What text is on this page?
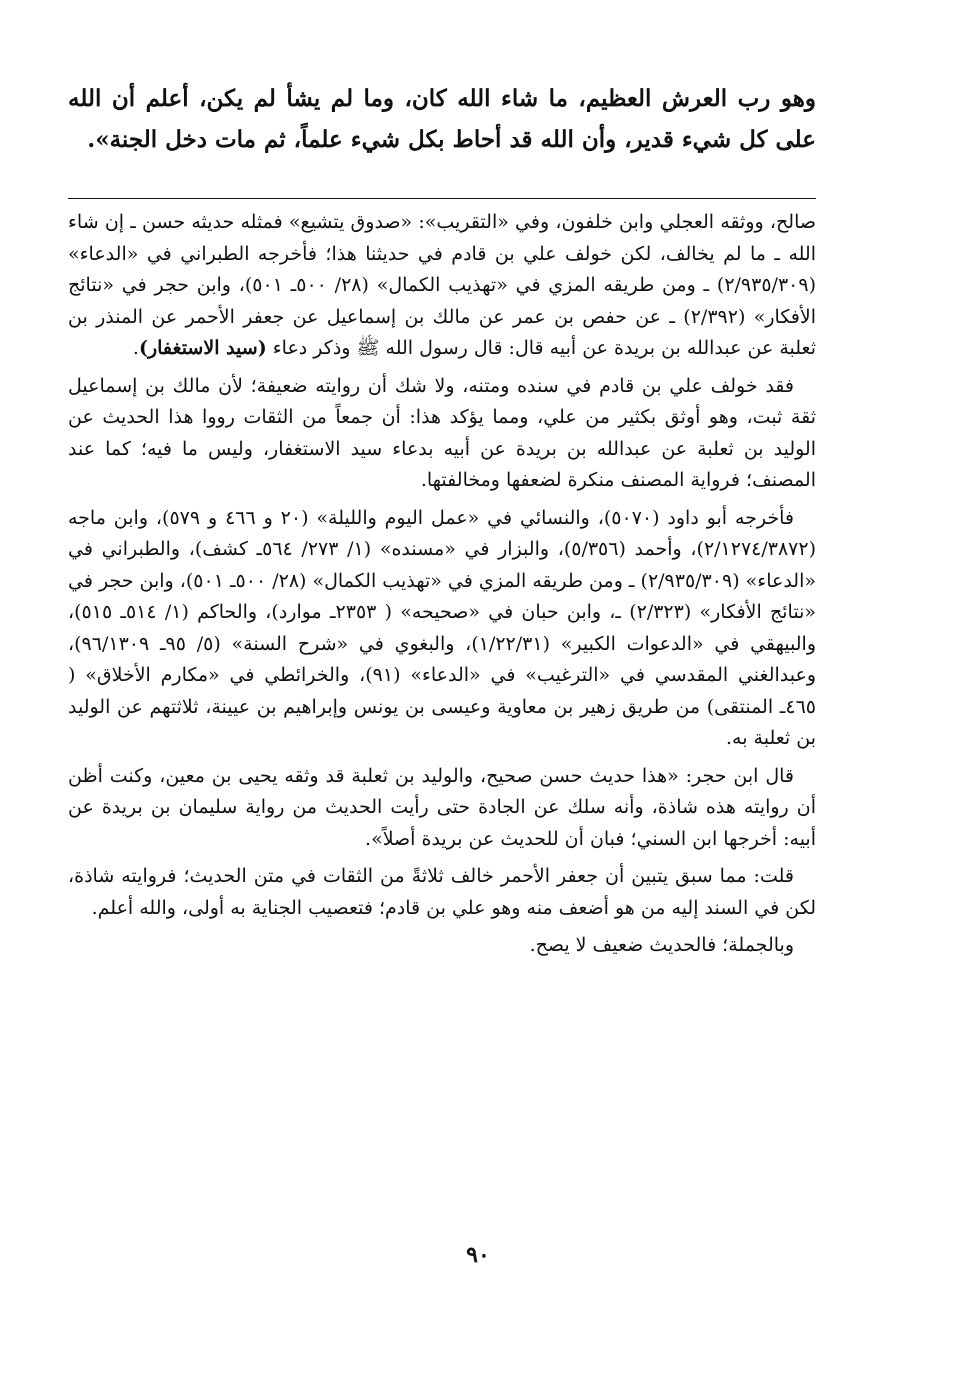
وهو رب العرش العظيم، ما شاء الله كان، وما لم يشأ لم يكن، أعلم أن الله على كل شيء قدير، وأن الله قد أحاط بكل شيء علماً، ثم مات دخل الجنة».

صالح، ووثقه العجلي وابن خلفون، وفي «التقريب»: «صدوق يتشيع» فمثله حديثه حسن ـ إن شاء الله ـ ما لم يخالف، لكن خولف علي بن قادم في حديثنا هذا؛ فأخرجه الطبراني في «الدعاء» (٢/٩٣٥/٣٠٩) ـ ومن طريقه المزي في «تهذيب الكمال» (٢٨/ ٥٠٠ـ ٥٠١)، وابن حجر في «نتائج الأفكار» (٢/٣٩٢) ـ عن حفص بن عمر عن مالك بن إسماعيل عن جعفر الأحمر عن المنذر بن ثعلبة عن عبدالله بن بريدة عن أبيه قال: قال رسول الله ﷺ وذكر دعاء (سيد الاستغفار).

فقد خولف علي بن قادم في سنده ومتنه، ولا شك أن روايته ضعيفة؛ لأن مالك بن إسماعيل ثقة ثبت، وهو أوثق بكثير من علي، ومما يؤكد هذا: أن جمعاً من الثقات رووا هذا الحديث عن الوليد بن ثعلبة عن عبدالله بن بريدة عن أبيه بدعاء سيد الاستغفار، وليس ما فيه؛ كما عند المصنف؛ فرواية المصنف منكرة لضعفها ومخالفتها.

فأخرجه أبو داود (٥٠٧٠)، والنسائي في «عمل اليوم والليلة» (٢٠ و ٤٦٦ و ٥٧٩)، وابن ماجه (٢/١٢٧٤/٣٨٧٢)، وأحمد (٥/٣٥٦)، والبزار في «مسنده» (١/ ٢٧٣/ ٥٦٤ـ كشف)، والطبراني في «الدعاء» (٢/٩٣٥/٣٠٩) ـ ومن طريقه المزي في «تهذيب الكمال» (٢٨/ ٥٠٠ـ ٥٠١)، وابن حجر في «نتائج الأفكار» (٢/٣٢٣) ـ، وابن حبان في «صحيحه» ( ٢٣٥٣ـ موارد)، والحاكم (١/ ٥١٤ـ ٥١٥)، والبيهقي في «الدعوات الكبير» (١/٢٢/٣١)، والبغوي في «شرح السنة» (٥/ ٩٥ـ ٩٦/١٣٠٩)، وعبدالغني المقدسي في «الترغيب» في «الدعاء» (٩١)، والخرائطي في «مكارم الأخلاق» ( ٤٦٥ـ المنتقى) من طريق زهير بن معاوية وعيسى بن يونس وإبراهيم بن عيينة، ثلاثتهم عن الوليد بن ثعلبة به.

قال ابن حجر: «هذا حديث حسن صحيح، والوليد بن ثعلبة قد وثقه يحيى بن معين، وكنت أظن أن روايته هذه شاذة، وأنه سلك عن الجادة حتى رأيت الحديث من رواية سليمان بن بريدة عن أبيه: أخرجها ابن السني؛ فبان أن للحديث عن بريدة أصلاً».

قلت: مما سبق يتبين أن جعفر الأحمر خالف ثلاثةً من الثقات في متن الحديث؛ فروايته شاذة، لكن في السند إليه من هو أضعف منه وهو علي بن قادم؛ فتعصيب الجناية به أولى، والله أعلم.

وبالجملة؛ فالحديث ضعيف لا يصح.

٩٠
